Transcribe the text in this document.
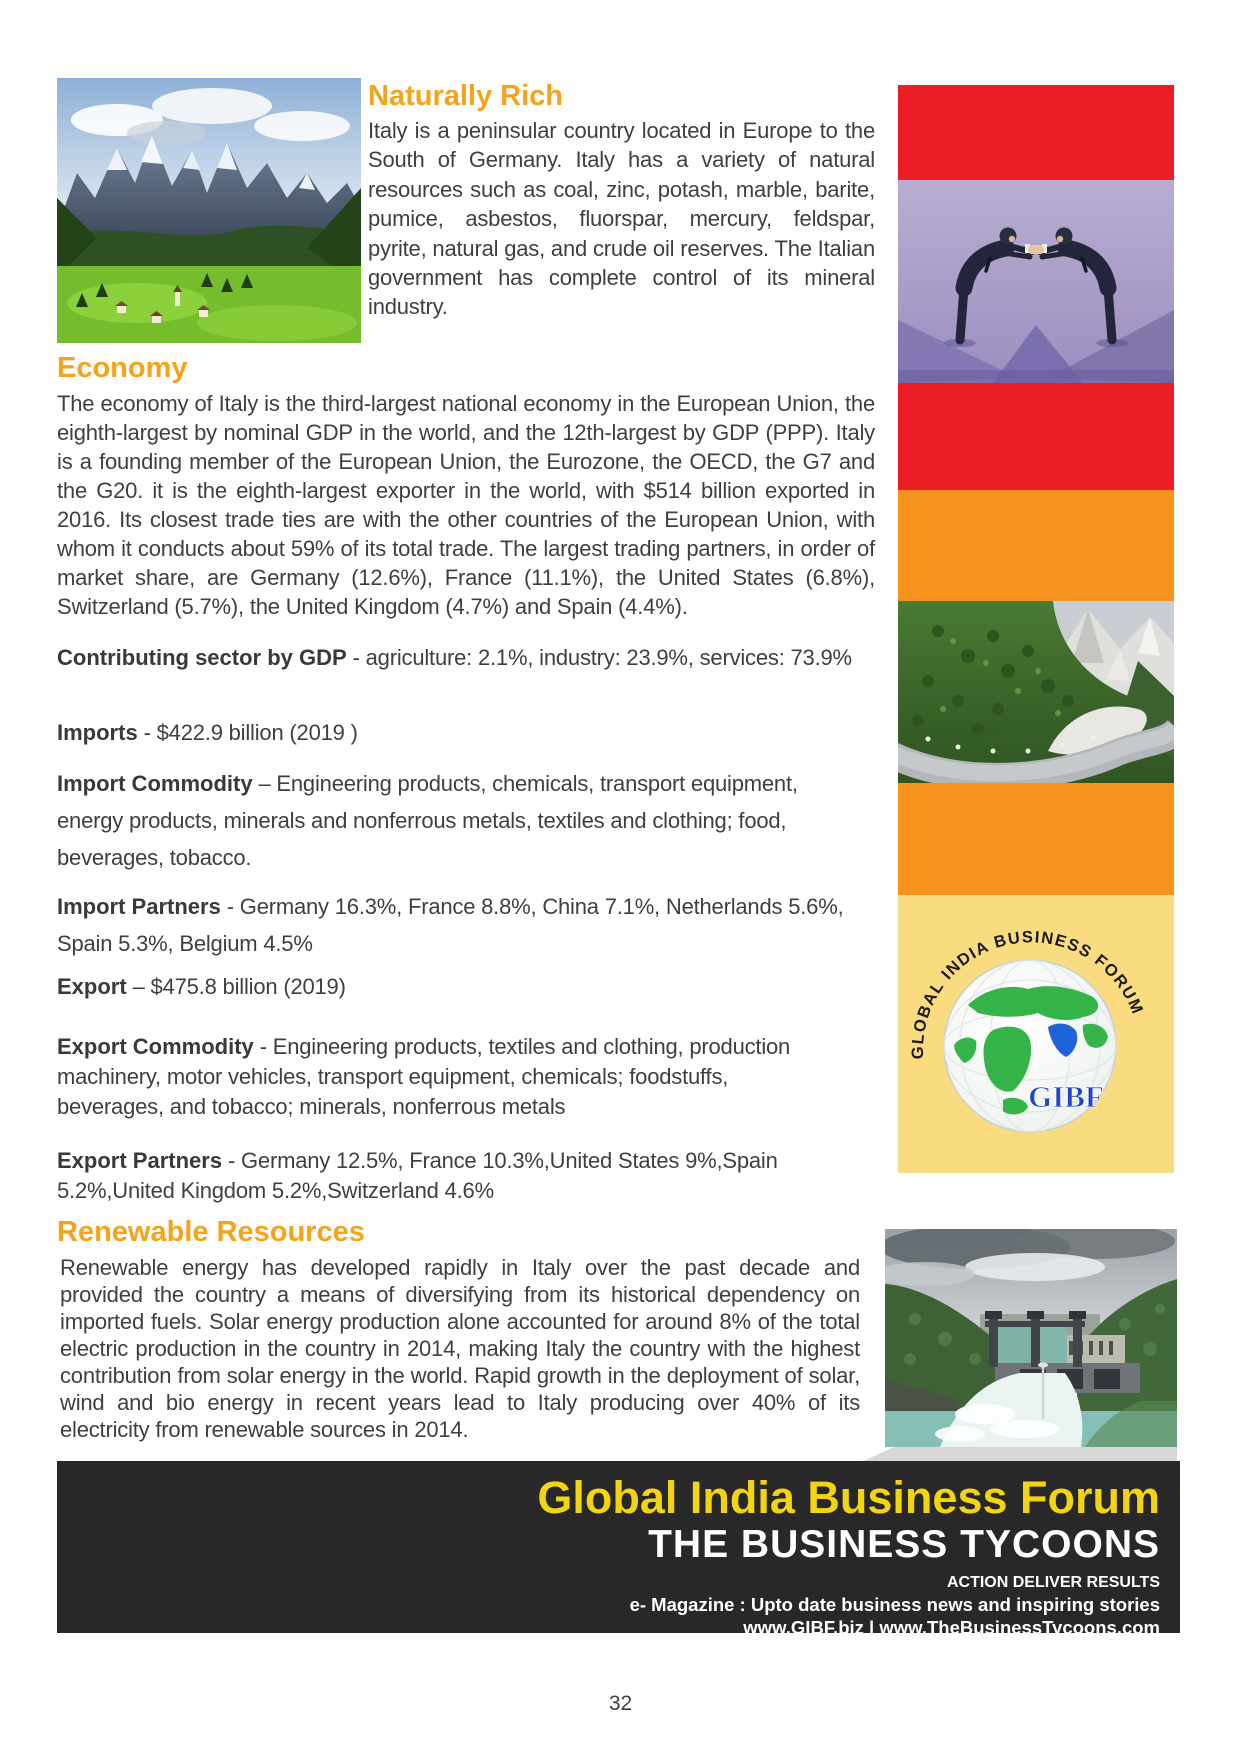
Naturally Rich
Italy is a peninsular country located in Europe to the South of Germany. Italy has a variety of natural resources such as coal, zinc, potash, marble, barite, pumice, asbestos, fluorspar, mercury, feldspar, pyrite, natural gas, and crude oil reserves. The Italian government has complete control of its mineral industry.
Economy
The economy of Italy is the third-largest national economy in the European Union, the eighth-largest by nominal GDP in the world, and the 12th-largest by GDP (PPP). Italy is a founding member of the European Union, the Eurozone, the OECD, the G7 and the G20. it is the eighth-largest exporter in the world, with $514 billion exported in 2016. Its closest trade ties are with the other countries of the European Union, with whom it conducts about 59% of its total trade. The largest trading partners, in order of market share, are Germany (12.6%), France (11.1%), the United States (6.8%), Switzerland (5.7%), the United Kingdom (4.7%) and Spain (4.4%).
Contributing sector by GDP - agriculture: 2.1%, industry: 23.9%, services: 73.9%
Imports - $422.9 billion (2019 )
Import Commodity – Engineering products, chemicals, transport equipment, energy products, minerals and nonferrous metals, textiles and clothing; food, beverages, tobacco.
Import Partners - Germany 16.3%, France 8.8%, China 7.1%, Netherlands 5.6%, Spain 5.3%, Belgium 4.5%
Export – $475.8 billion (2019)
Export Commodity - Engineering products, textiles and clothing, production machinery, motor vehicles, transport equipment, chemicals; foodstuffs, beverages, and tobacco; minerals, nonferrous metals
Export Partners - Germany 12.5%, France 10.3%,United States 9%,Spain 5.2%,United Kingdom 5.2%,Switzerland 4.6%
Renewable Resources
Renewable energy has developed rapidly in Italy over the past decade and provided the country a means of diversifying from its historical dependency on imported fuels. Solar energy production alone accounted for around 8% of the total electric production in the country in 2014, making Italy the country with the highest contribution from solar energy in the world. Rapid growth in the deployment of solar, wind and bio energy in recent years lead to Italy producing over 40% of its electricity from renewable sources in 2014.
GLOBAL INDIA BUSINESS FORUM
GIBF
Global India Business Forum
THE BUSINESS TYCOONS
ACTION DELIVER RESULTS
e- Magazine : Upto date business news and inspiring stories
www.GIBF.biz | www.TheBusinessTycoons.com
32
